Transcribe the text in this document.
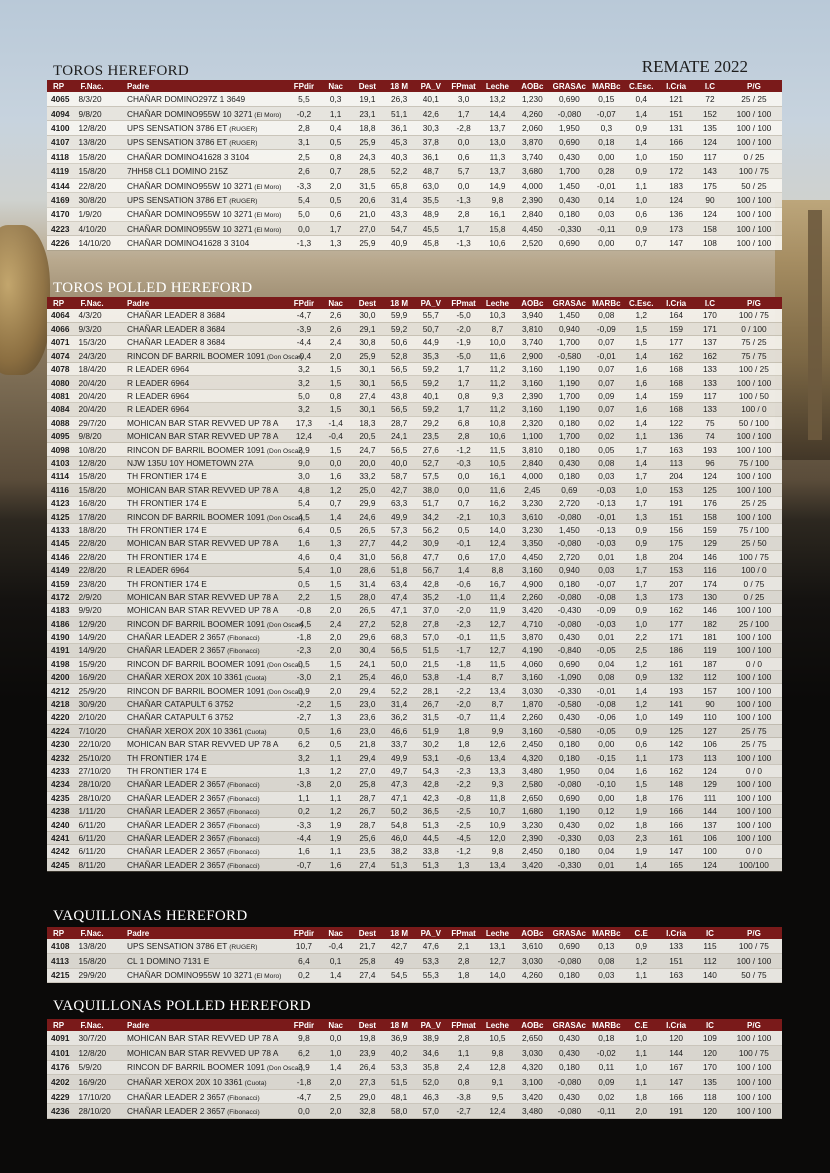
REMATE 2022
TOROS HEREFORD
RP	F.Nac.	Padre	FPdir	Nac	Dest	18 M	PA_V	FPmat	Leche	AOBc	GRASAc	MARBc	C.Esc.	I.Cria	I.C	P/G
4065	8/3/20	CHAÑAR DOMINO297Z 1 3649	5,5	0,3	19,1	26,3	40,1	3,0	13,2	1,230	0,690	0,15	0,4	121	72	25 / 25
4094	9/8/20	CHAÑAR DOMINO955W 10 3271 (El Moro)	-0,2	1,1	23,1	51,1	42,6	1,7	14,4	4,260	-0,080	-0,07	1,4	151	152	100 / 100
4100	12/8/20	UPS SENSATION 3786 ET (RUGER)	2,8	0,4	18,8	36,1	30,3	-2,8	13,7	2,060	1,950	0,3	0,9	131	135	100 / 100
4107	13/8/20	UPS SENSATION 3786 ET (RUGER)	3,1	0,5	25,9	45,3	37,8	0,0	13,0	3,870	0,690	0,18	1,4	166	124	100 / 100
4118	15/8/20	CHAÑAR DOMINO41628 3 3104	2,5	0,8	24,3	40,3	36,1	0,6	11,3	3,740	0,430	0,00	1,0	150	117	0 / 25
4119	15/8/20	7HH58 CL1 DOMINO 215Z	2,6	0,7	28,5	52,2	48,7	5,7	13,7	3,680	1,700	0,28	0,9	172	143	100 / 75
4144	22/8/20	CHAÑAR DOMINO955W 10 3271 (El Moro)	-3,3	2,0	31,5	65,8	63,0	0,0	14,9	4,000	1,450	-0,01	1,1	183	175	50 / 25
4169	30/8/20	UPS SENSATION 3786 ET (RUGER)	5,4	0,5	20,6	31,4	35,5	-1,3	9,8	2,390	0,430	0,14	1,0	124	90	100 / 100
4170	1/9/20	CHAÑAR DOMINO955W 10 3271 (El Moro)	5,0	0,6	21,0	43,3	48,9	2,8	16,1	2,840	0,180	0,03	0,6	136	124	100 / 100
4223	4/10/20	CHAÑAR DOMINO955W 10 3271 (El Moro)	0,0	1,7	27,0	54,7	45,5	1,7	15,8	4,450	-0,330	-0,11	0,9	173	158	100 / 100
4226	14/10/20	CHAÑAR DOMINO41628 3 3104	-1,3	1,3	25,9	40,9	45,8	-1,3	10,6	2,520	0,690	0,00	0,7	147	108	100 / 100
TOROS POLLED HEREFORD
RP	F.Nac.	Padre	FPdir	Nac	Dest	18 M	PA_V	FPmat	Leche	AOBc	GRASAc	MARBc	C.Esc.	I.Cria	I.C	P/G
4064	4/3/20	CHAÑAR LEADER 8 3684	-4,7	2,6	30,0	59,9	55,7	-5,0	10,3	3,940	1,450	0,08	1,2	164	170	100 / 75
4066	9/3/20	CHAÑAR LEADER 8 3684	-3,9	2,6	29,1	59,2	50,7	-2,0	8,7	3,810	0,940	-0,09	1,5	159	171	0 / 100
4071	15/3/20	CHAÑAR LEADER 8 3684	-4,4	2,4	30,8	50,6	44,9	-1,9	10,0	3,740	1,700	0,07	1,5	177	137	75 / 25
4074	24/3/20	RINCON DF BARRIL BOOMER 1091 (Don Oscar)	-0,4	2,0	25,9	52,8	35,3	-5,0	11,6	2,900	-0,580	-0,01	1,4	162	162	75 / 75
4078	18/4/20	R LEADER 6964	3,2	1,5	30,1	56,5	59,2	1,7	11,2	3,160	1,190	0,07	1,6	168	133	100 / 25
4080	20/4/20	R LEADER 6964	3,2	1,5	30,1	56,5	59,2	1,7	11,2	3,160	1,190	0,07	1,6	168	133	100 / 100
4081	20/4/20	R LEADER 6964	5,0	0,8	27,4	43,8	40,1	0,8	9,3	2,390	1,700	0,09	1,4	159	117	100 / 50
4084	20/4/20	R LEADER 6964	3,2	1,5	30,1	56,5	59,2	1,7	11,2	3,160	1,190	0,07	1,6	168	133	100 / 0
4088	29/7/20	MOHICAN BAR STAR REVVED UP 78 A	17,3	-1,4	18,3	28,7	29,2	6,8	10,8	2,320	0,180	0,02	1,4	122	75	50 / 100
4095	9/8/20	MOHICAN BAR STAR REVVED UP 78 A	12,4	-0,4	20,5	24,1	23,5	2,8	10,6	1,100	1,700	0,02	1,1	136	74	100 / 100
4098	10/8/20	RINCON DF BARRIL BOOMER 1091 (Don Oscar)	2,9	1,5	24,7	56,5	27,6	-1,2	11,5	3,810	0,180	0,05	1,7	163	193	100 / 100
4103	12/8/20	NJW 135U 10Y HOMETOWN 27A	9,0	0,0	20,0	40,0	52,7	-0,3	10,5	2,840	0,430	0,08	1,4	113	96	75 / 100
4114	15/8/20	TH FRONTIER 174 E	3,0	1,6	33,2	58,7	57,5	0,0	16,1	4,000	0,180	0,03	1,7	204	124	100 / 100
4116	15/8/20	MOHICAN BAR STAR REVVED UP 78 A	4,8	1,2	25,0	42,7	38,0	0,0	11,6	2,45	0,69	-0,03	1,0	153	125	100 / 100
4123	16/8/20	TH FRONTIER 174 E	5,4	0,7	29,9	63,3	51,7	0,7	16,2	3,230	2,720	-0,13	1,7	191	176	25 / 25
4125	17/8/20	RINCON DF BARRIL BOOMER 1091 (Don Oscar)	4,5	1,4	24,6	49,9	34,2	-2,1	10,3	3,610	-0,080	-0,01	1,3	151	158	100 / 100
4133	18/8/20	TH FRONTIER 174 E	6,4	0,5	26,5	57,3	56,2	0,5	14,0	3,230	1,450	-0,13	0,9	156	159	75 / 100
4145	22/8/20	MOHICAN BAR STAR REVVED UP 78 A	1,6	1,3	27,7	44,2	30,9	-0,1	12,4	3,350	-0,080	-0,03	0,9	175	129	25 / 50
4146	22/8/20	TH FRONTIER 174 E	4,6	0,4	31,0	56,8	47,7	0,6	17,0	4,450	2,720	0,01	1,8	204	146	100 / 75
4149	22/8/20	R LEADER 6964	5,4	1,0	28,6	51,8	56,7	1,4	8,8	3,160	0,940	0,03	1,7	153	116	100 / 0
4159	23/8/20	TH FRONTIER 174 E	0,5	1,5	31,4	63,4	42,8	-0,6	16,7	4,900	0,180	-0,07	1,7	207	174	0 / 75
4172	2/9/20	MOHICAN BAR STAR REVVED UP 78 A	2,2	1,5	28,0	47,4	35,2	-1,0	11,4	2,260	-0,080	-0,08	1,3	173	130	0 / 25
4183	9/9/20	MOHICAN BAR STAR REVVED UP 78 A	-0,8	2,0	26,5	47,1	37,0	-2,0	11,9	3,420	-0,430	-0,09	0,9	162	146	100 / 100
4186	12/9/20	RINCON DF BARRIL BOOMER 1091 (Don Oscar)	-4,5	2,4	27,2	52,8	27,8	-2,3	12,7	4,710	-0,080	-0,03	1,0	177	182	25 / 100
4190	14/9/20	CHAÑAR LEADER 2 3657 (Fibonacci)	-1,8	2,0	29,6	68,3	57,0	-0,1	11,5	3,870	0,430	0,01	2,2	171	181	100 / 100
4191	14/9/20	CHAÑAR LEADER 2 3657 (Fibonacci)	-2,3	2,0	30,4	56,5	51,5	-1,7	12,7	4,190	-0,840	-0,05	2,5	186	119	100 / 100
4198	15/9/20	RINCON DF BARRIL BOOMER 1091 (Don Oscar)	0,5	1,5	24,1	50,0	21,5	-1,8	11,5	4,060	0,690	0,04	1,2	161	187	0 / 0
4200	16/9/20	CHAÑAR XEROX 20X 10 3361 (Cuota)	-3,0	2,1	25,4	46,0	53,8	-1,4	8,7	3,160	-1,090	0,08	0,9	132	112	100 / 100
4212	25/9/20	RINCON DF BARRIL BOOMER 1091 (Don Oscar)	0,9	2,0	29,4	52,2	28,1	-2,2	13,4	3,030	-0,330	-0,01	1,4	193	157	100 / 100
4218	30/9/20	CHAÑAR CATAPULT 6 3752	-2,2	1,5	23,0	31,4	26,7	-2,0	8,7	1,870	-0,580	-0,08	1,2	141	90	100 / 100
4220	2/10/20	CHAÑAR CATAPULT 6 3752	-2,7	1,3	23,6	36,2	31,5	-0,7	11,4	2,260	0,430	-0,06	1,0	149	110	100 / 100
4224	7/10/20	CHAÑAR XEROX 20X 10 3361 (Cuota)	0,5	1,6	23,0	46,6	51,9	1,8	9,9	3,160	-0,580	-0,05	0,9	125	127	25 / 75
4230	22/10/20	MOHICAN BAR STAR REVVED UP 78 A	6,2	0,5	21,8	33,7	30,2	1,8	12,6	2,450	0,180	0,00	0,6	142	106	25 / 75
4232	25/10/20	TH FRONTIER 174 E	3,2	1,1	29,4	49,9	53,1	-0,6	13,4	4,320	0,180	-0,15	1,1	173	113	100 / 100
4233	27/10/20	TH FRONTIER 174 E	1,3	1,2	27,0	49,7	54,3	-2,3	13,3	3,480	1,950	0,04	1,6	162	124	0 / 0
4234	28/10/20	CHAÑAR LEADER 2 3657 (Fibonacci)	-3,8	2,0	25,8	47,3	42,8	-2,2	9,3	2,580	-0,080	-0,10	1,5	148	129	100 / 100
4235	28/10/20	CHAÑAR LEADER 2 3657 (Fibonacci)	1,1	1,1	28,7	47,1	42,3	-0,8	11,8	2,650	0,690	0,00	1,8	176	111	100 / 100
4238	1/11/20	CHAÑAR LEADER 2 3657 (Fibonacci)	0,2	1,2	26,7	50,2	36,5	-2,5	10,7	1,680	1,190	0,12	1,9	166	144	100 / 100
4240	6/11/20	CHAÑAR LEADER 2 3657 (Fibonacci)	-3,3	1,9	28,7	54,8	51,3	-2,5	10,9	3,230	0,430	0,02	1,8	166	137	100 / 100
4241	6/11/20	CHAÑAR LEADER 2 3657 (Fibonacci)	-4,4	1,9	25,6	46,0	44,5	-4,5	12,0	2,390	-0,330	0,03	2,3	161	106	100 / 100
4242	6/11/20	CHAÑAR LEADER 2 3657 (Fibonacci)	1,6	1,1	23,5	38,2	33,8	-1,2	9,8	2,450	0,180	0,04	1,9	147	100	0 / 0
4245	8/11/20	CHAÑAR LEADER 2 3657 (Fibonacci)	-0,7	1,6	27,4	51,3	51,3	1,3	13,4	3,420	-0,330	0,01	1,4	165	124	100/100
VAQUILLONAS HEREFORD
RP	F.Nac.	Padre	FPdir	Nac	Dest	18 M	PA_V	FPmat	Leche	AOBc	GRASAc	MARBc	C.E	I.Cria	IC	P/G
4108	13/8/20	UPS SENSATION 3786 ET (RUGER)	10,7	-0,4	21,7	42,7	47,6	2,1	13,1	3,610	0,690	0,13	0,9	133	115	100 / 75
4113	15/8/20	CL 1 DOMINO 7131 E	6,4	0,1	25,8	49	53,3	2,8	12,7	3,030	-0,080	0,08	1,2	151	112	100 / 100
4215	29/9/20	CHAÑAR DOMINO955W 10 3271 (El Moro)	0,2	1,4	27,4	54,5	55,3	1,8	14,0	4,260	0,180	0,03	1,1	163	140	50 / 75
VAQUILLONAS POLLED HEREFORD
RP	F.Nac.	Padre	FPdir	Nac	Dest	18 M	PA_V	FPmat	Leche	AOBc	GRASAc	MARBc	C.E	I.Cria	IC	P/G
4091	30/7/20	MOHICAN BAR STAR REVVED UP 78 A	9,8	0,0	19,8	36,9	38,9	2,8	10,5	2,650	0,430	0,18	1,0	120	109	100 / 100
4101	12/8/20	MOHICAN BAR STAR REVVED UP 78 A	6,2	1,0	23,9	40,2	34,6	1,1	9,8	3,030	0,430	-0,02	1,1	144	120	100 / 75
4176	5/9/20	RINCON DF BARRIL BOOMER 1091 (Don Oscar)	3,9	1,4	26,4	53,3	35,8	2,4	12,8	4,320	0,180	0,11	1,0	167	170	100 / 100
4202	16/9/20	CHAÑAR XEROX 20X 10 3361 (Cuota)	-1,8	2,0	27,3	51,5	52,0	0,8	9,1	3,100	-0,080	0,09	1,1	147	135	100 / 100
4229	17/10/20	CHAÑAR LEADER 2 3657 (Fibonacci)	-4,7	2,5	29,0	48,1	46,3	-3,8	9,5	3,420	0,430	0,02	1,8	166	118	100 / 100
4236	28/10/20	CHAÑAR LEADER 2 3657 (Fibonacci)	0,0	2,0	32,8	58,0	57,0	-2,7	12,4	3,480	-0,080	-0,11	2,0	191	120	100 / 100
